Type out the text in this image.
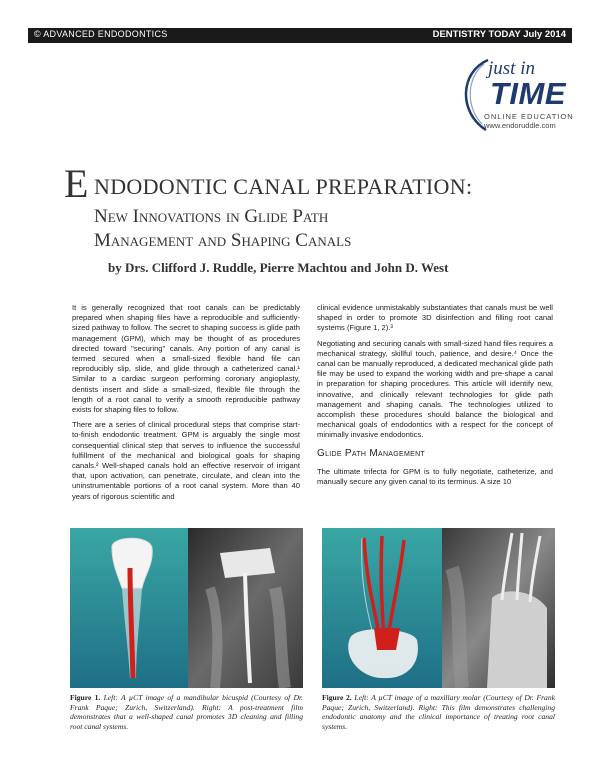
© ADVANCED ENDODONTICS	DENTISTRY TODAY July 2014
just in
TIME
ONLINE EDUCATION
www.endoruddle.com
E NDODONTIC CANAL PREPARATION:
New Innovations in Glide Path
Management and Shaping Canals
by Drs. Clifford J. Ruddle, Pierre Machtou and John D. West

It is generally recognized that root canals can be predictably prepared when shaping files have a reproducible and sufficiently-sized pathway to follow. The secret to shaping success is glide path management (GPM), which may be thought of as procedures directed toward "securing" canals. Any portion of any canal is termed secured when a small-sized flexible hand file can reproducibly slip, slide, and glide through a catheterized canal.¹ Similar to a cardiac surgeon performing coronary angioplasty, dentists insert and slide a small-sized, flexible file through the length of a root canal to verify a smooth reproducible pathway exists for shaping files to follow.

There are a series of clinical procedural steps that comprise start-to-finish endodontic treatment. GPM is arguably the single most consequential clinical step that serves to influence the successful fulfillment of the mechanical and biological goals for shaping canals.² Well-shaped canals hold an effective reservoir of irrigant that, upon activation, can penetrate, circulate, and clean into the uninstrumentable portions of a root canal system. More than 40 years of rigorous scientific and

clinical evidence unmistakably substantiates that canals must be well shaped in order to promote 3D disinfection and filling root canal systems (Figure 1, 2).³

Negotiating and securing canals with small-sized hand files requires a mechanical strategy, skillful touch, patience, and desire.⁴ Once the canal can be manually reproduced, a dedicated mechanical glide path file may be used to expand the working width and pre-shape a canal in preparation for shaping procedures. This article will identify new, innovative, and clinically relevant technologies for glide path management and shaping canals. The technologies utilized to accomplish these procedures should balance the biological and mechanical goals of endodontics with a respect for the concept of minimally invasive endodontics.

Glide Path Management

The ultimate trifecta for GPM is to fully negotiate, catheterize, and manually secure any given canal to its terminus. A size 10

Figure 1. Left: A µCT image of a mandibular bicuspid (Courtesy of Dr. Frank Paque; Zurich, Switzerland). Right: A post-treatment film demonstrates that a well-shaped canal promotes 3D cleaning and filling root canal systems.
Figure 2. Left: A µCT image of a maxillary molar (Courtesy of Dr. Frank Paque; Zurich, Switzerland). Right: This film demonstrates challenging endodontic anatomy and the clinical importance of treating root canal systems.
